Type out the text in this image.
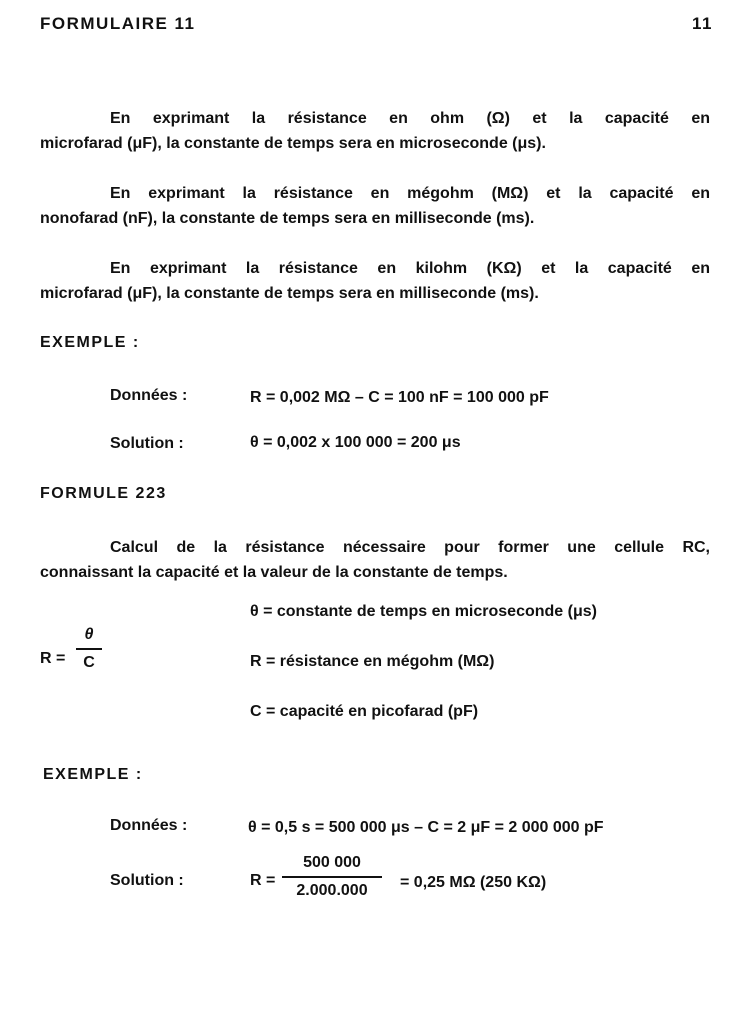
FORMULAIRE 11	11
En exprimant la résistance en ohm (Ω) et la capacité en
microfarad (μF), la constante de temps sera en microseconde (μs).
En exprimant la résistance en mégohm (MΩ) et la capacité en
nonofarad (nF), la constante de temps sera en milliseconde (ms).
En exprimant la résistance en kilohm (KΩ) et la capacité en
microfarad (μF), la constante de temps sera en milliseconde (ms).
EXEMPLE :
Données :	R = 0,002 MΩ – C = 100 nF = 100 000 pF
Solution :	θ = 0,002 x 100 000 = 200 μs
FORMULE 223
Calcul de la résistance nécessaire pour former une cellule RC,
connaissant la capacité et la valeur de la constante de temps.
R =
θ
C
θ = constante de temps en microseconde (μs)
R = résistance en mégohm (MΩ)
C = capacité en picofarad (pF)
EXEMPLE :
Données :	θ = 0,5 s = 500 000 μs – C = 2 μF = 2 000 000 pF
Solution :	R =
500 000
2.000.000 = 0,25 MΩ (250 KΩ)
